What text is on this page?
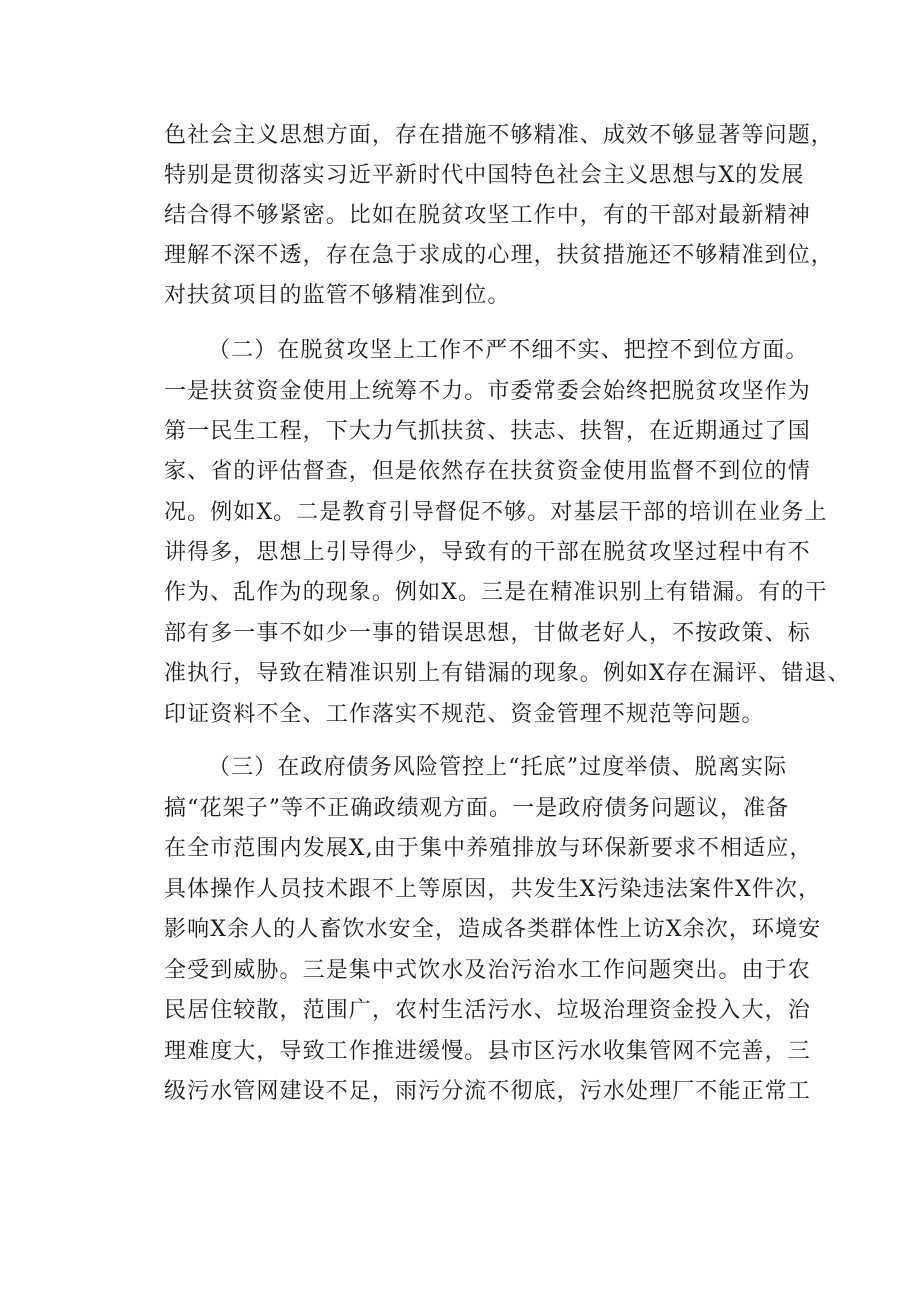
色社会主义思想方面，存在措施不够精准、成效不够显著等问题，
特别是贯彻落实习近平新时代中国特色社会主义思想与X的发展
结合得不够紧密。比如在脱贫攻坚工作中，有的干部对最新精神
理解不深不透，存在急于求成的心理，扶贫措施还不够精准到位，
对扶贫项目的监管不够精准到位。
（二）在脱贫攻坚上工作不严不细不实、把控不到位方面。
一是扶贫资金使用上统筹不力。市委常委会始终把脱贫攻坚作为
第一民生工程，下大力气抓扶贫、扶志、扶智，在近期通过了国
家、省的评估督查，但是依然存在扶贫资金使用监督不到位的情
况。例如X。二是教育引导督促不够。对基层干部的培训在业务上
讲得多，思想上引导得少，导致有的干部在脱贫攻坚过程中有不
作为、乱作为的现象。例如X。三是在精准识别上有错漏。有的干
部有多一事不如少一事的错误思想，甘做老好人，不按政策、标
准执行，导致在精准识别上有错漏的现象。例如X存在漏评、错退、
印证资料不全、工作落实不规范、资金管理不规范等问题。
（三）在政府债务风险管控上“托底”过度举债、脱离实际
搞“花架子”等不正确政绩观方面。一是政府债务问题议，准备
在全市范围内发展X,由于集中养殖排放与环保新要求不相适应，
具体操作人员技术跟不上等原因，共发生X污染违法案件X件次，
影响X余人的人畜饮水安全，造成各类群体性上访X余次，环境安
全受到威胁。三是集中式饮水及治污治水工作问题突出。由于农
民居住较散，范围广，农村生活污水、垃圾治理资金投入大，治
理难度大，导致工作推进缓慢。县市区污水收集管网不完善，三
级污水管网建设不足，雨污分流不彻底，污水处理厂不能正常工
